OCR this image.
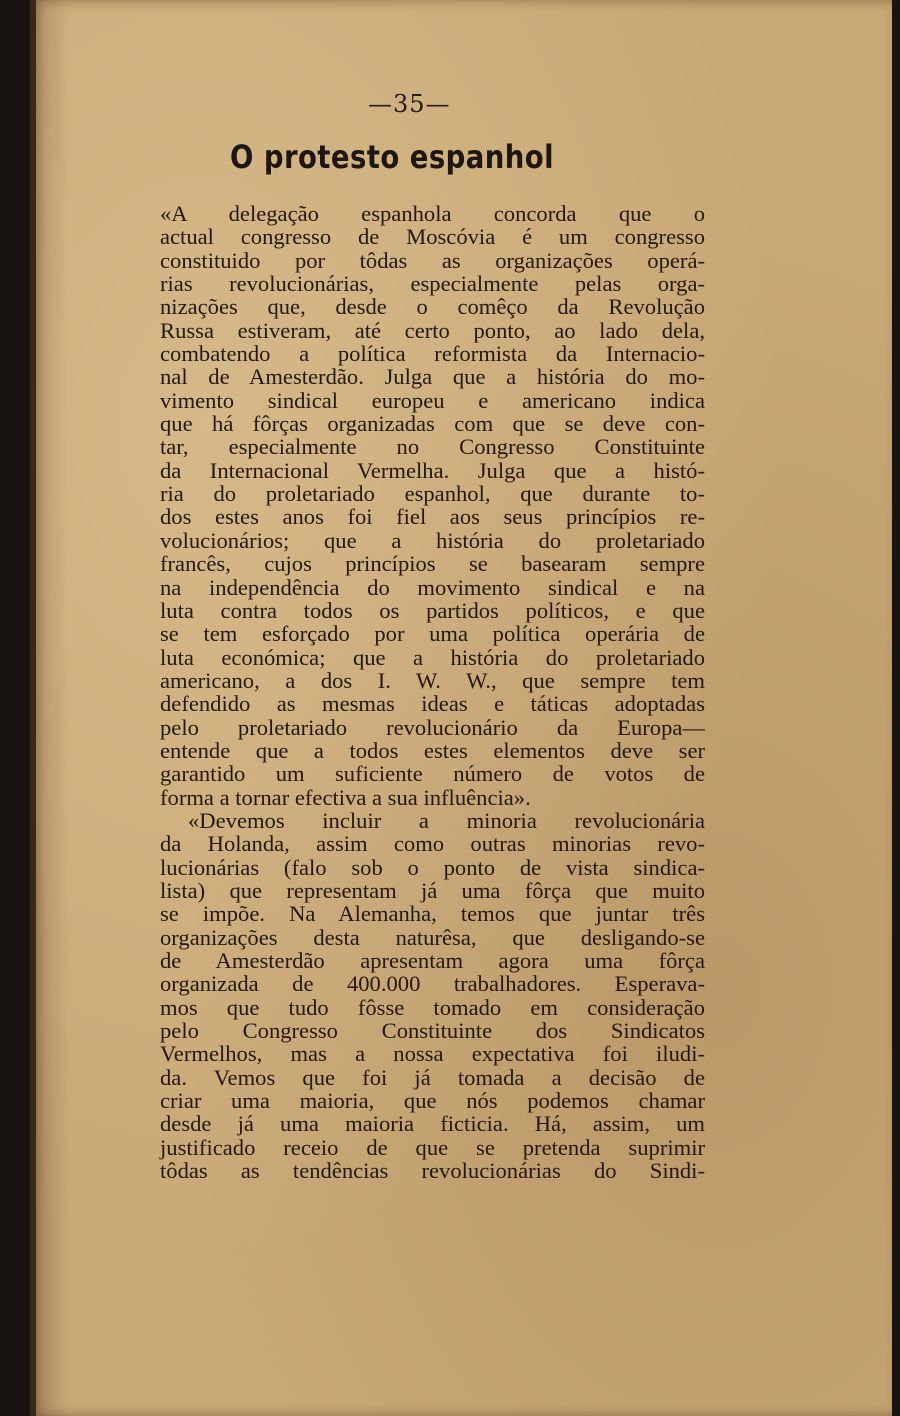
—35—
O protesto espanhol
«A delegação espanhola concorda que o
actual congresso de Moscóvia é um congresso
constituido por tôdas as organizações operá-
rias revolucionárias, especialmente pelas orga-
nizações que, desde o comêço da Revolução
Russa estiveram, até certo ponto, ao lado dela,
combatendo a política reformista da Internacio-
nal de Amesterdão. Julga que a história do mo-
vimento sindical europeu e americano indica
que há fôrças organizadas com que se deve con-
tar, especialmente no Congresso Constituinte
da Internacional Vermelha. Julga que a histó-
ria do proletariado espanhol, que durante to-
dos estes anos foi fiel aos seus princípios re-
volucionários; que a história do proletariado
francês, cujos princípios se basearam sempre
na independência do movimento sindical e na
luta contra todos os partidos políticos, e que
se tem esforçado por uma política operária de
luta económica; que a história do proletariado
americano, a dos I. W. W., que sempre tem
defendido as mesmas ideas e táticas adoptadas
pelo proletariado revolucionário da Europa—
entende que a todos estes elementos deve ser
garantido um suficiente número de votos de
forma a tornar efectiva a sua influência».
«Devemos incluir a minoria revolucionária
da Holanda, assim como outras minorias revo-
lucionárias (falo sob o ponto de vista sindica-
lista) que representam já uma fôrça que muito
se impõe. Na Alemanha, temos que juntar três
organizações desta naturêsa, que desligando-se
de Amesterdão apresentam agora uma fôrça
organizada de 400.000 trabalhadores. Esperava-
mos que tudo fôsse tomado em consideração
pelo Congresso Constituinte dos Sindicatos
Vermelhos, mas a nossa expectativa foi iludi-
da. Vemos que foi já tomada a decisão de
criar uma maioria, que nós podemos chamar
desde já uma maioria ficticia. Há, assim, um
justificado receio de que se pretenda suprimir
tôdas as tendências revolucionárias do Sindi-
